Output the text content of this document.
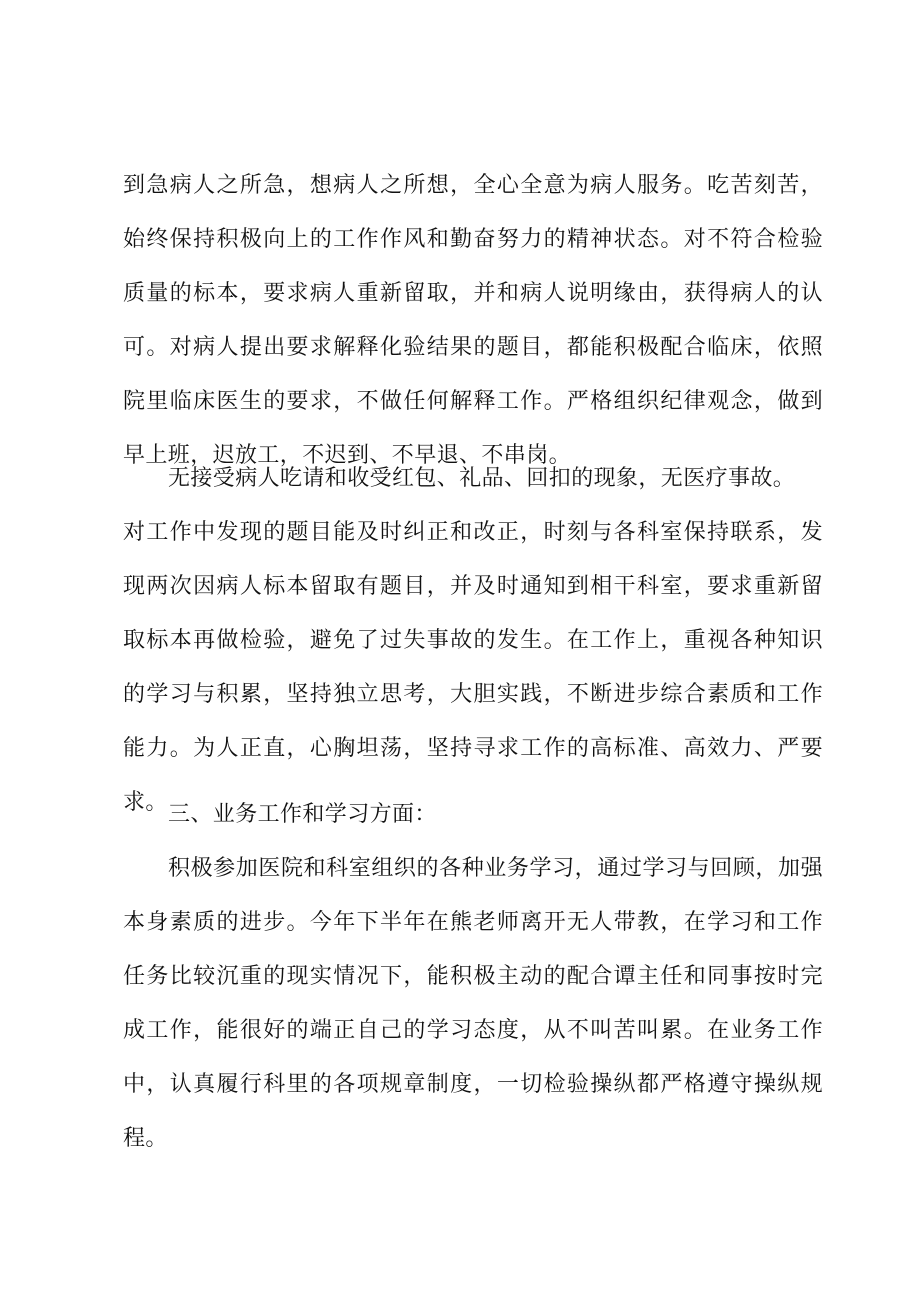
到急病人之所急，想病人之所想，全心全意为病人服务。吃苦刻苦，
始终保持积极向上的工作作风和勤奋努力的精神状态。对不符合检验
质量的标本，要求病人重新留取，并和病人说明缘由，获得病人的认
可。对病人提出要求解释化验结果的题目，都能积极配合临床，依照
院里临床医生的要求，不做任何解释工作。严格组织纪律观念，做到
早上班，迟放工，不迟到、不早退、不串岗。
无接受病人吃请和收受红包、礼品、回扣的现象，无医疗事故。
对工作中发现的题目能及时纠正和改正，时刻与各科室保持联系，发
现两次因病人标本留取有题目，并及时通知到相干科室，要求重新留
取标本再做检验，避免了过失事故的发生。在工作上，重视各种知识
的学习与积累，坚持独立思考，大胆实践，不断进步综合素质和工作
能力。为人正直，心胸坦荡，坚持寻求工作的高标准、高效力、严要
求。 三、业务工作和学习方面：
积极参加医院和科室组织的各种业务学习，通过学习与回顾，加强
本身素质的进步。今年下半年在熊老师离开无人带教，在学习和工作
任务比较沉重的现实情况下，能积极主动的配合谭主任和同事按时完
成工作，能很好的端正自己的学习态度，从不叫苦叫累。在业务工作
中，认真履行科里的各项规章制度，一切检验操纵都严格遵守操纵规
程。
